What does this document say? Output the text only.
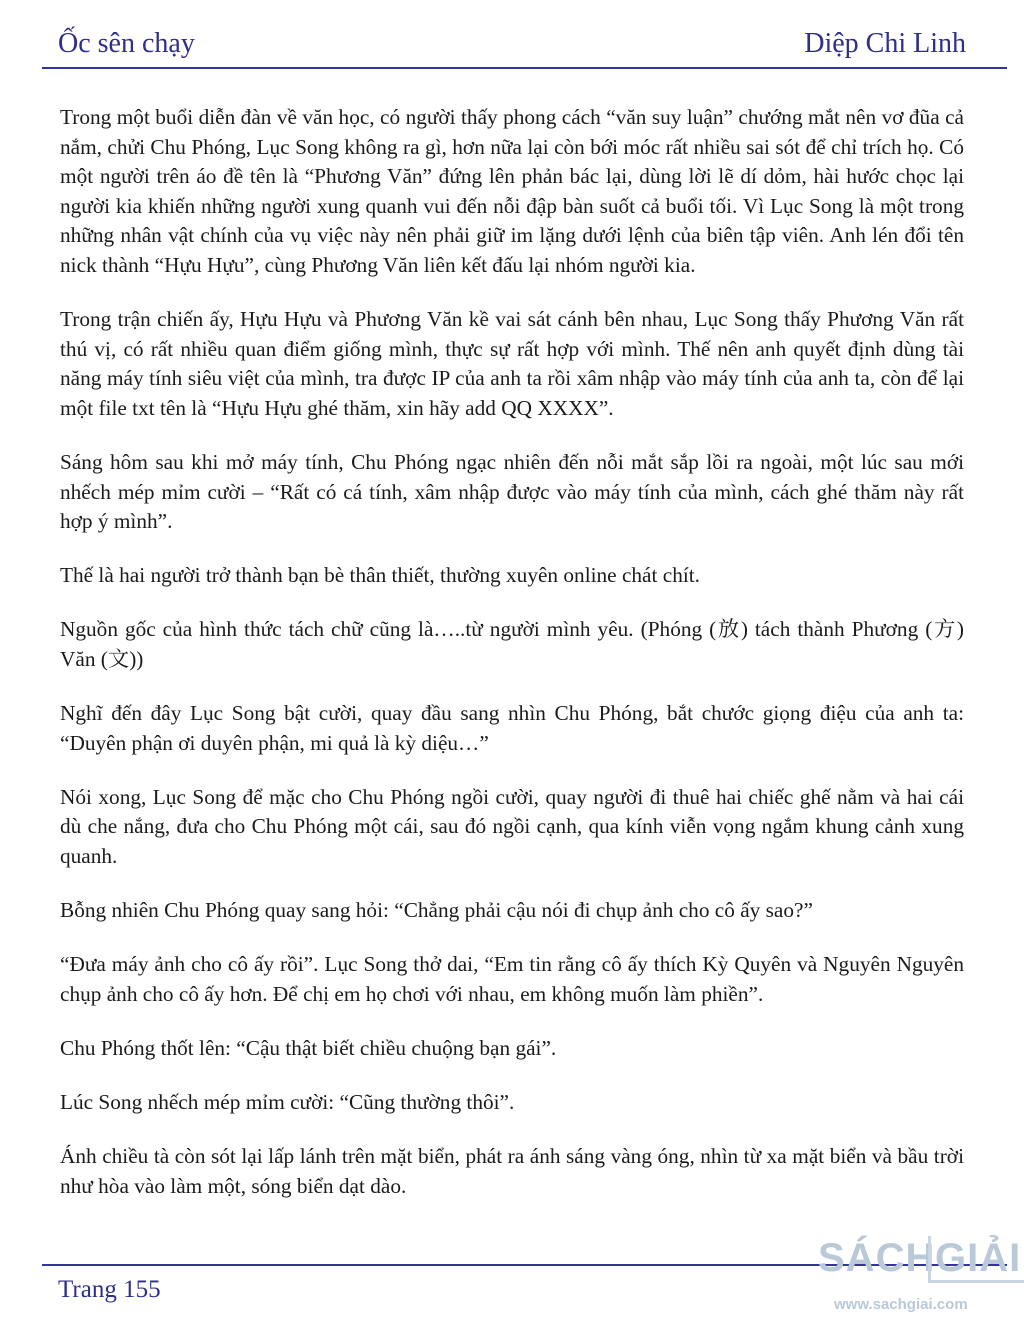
Ốc sên chạy	Diệp Chi Linh

Trong một buổi diễn đàn về văn học, có người thấy phong cách “văn suy luận” chướng mắt nên vơ đũa cả nắm, chửi Chu Phóng, Lục Song không ra gì, hơn nữa lại còn bới móc rất nhiều sai sót để chỉ trích họ. Có một người trên áo đề tên là “Phương Văn” đứng lên phản bác lại, dùng lời lẽ dí dỏm, hài hước chọc lại người kia khiến những người xung quanh vui đến nỗi đập bàn suốt cả buổi tối. Vì Lục Song là một trong những nhân vật chính của vụ việc này nên phải giữ im lặng dưới lệnh của biên tập viên. Anh lén đổi tên nick thành “Hựu Hựu”, cùng Phương Văn liên kết đấu lại nhóm người kia.

Trong trận chiến ấy, Hựu Hựu và Phương Văn kề vai sát cánh bên nhau, Lục Song thấy Phương Văn rất thú vị, có rất nhiều quan điểm giống mình, thực sự rất hợp với mình. Thế nên anh quyết định dùng tài năng máy tính siêu việt của mình, tra được IP của anh ta rồi xâm nhập vào máy tính của anh ta, còn để lại một file txt tên là “Hựu Hựu ghé thăm, xin hãy add QQ XXXX”.

Sáng hôm sau khi mở máy tính, Chu Phóng ngạc nhiên đến nỗi mắt sắp lồi ra ngoài, một lúc sau mới nhếch mép mỉm cười – “Rất có cá tính, xâm nhập được vào máy tính của mình, cách ghé thăm này rất hợp ý mình”.

Thế là hai người trở thành bạn bè thân thiết, thường xuyên online chát chít.

Nguồn gốc của hình thức tách chữ cũng là…..từ người mình yêu. (Phóng (放) tách thành Phương (方) Văn (文))

Nghĩ đến đây Lục Song bật cười, quay đầu sang nhìn Chu Phóng, bắt chước giọng điệu của anh ta: “Duyên phận ơi duyên phận, mi quả là kỳ diệu…”

Nói xong, Lục Song để mặc cho Chu Phóng ngồi cười, quay người đi thuê hai chiếc ghế nằm và hai cái dù che nắng, đưa cho Chu Phóng một cái, sau đó ngồi cạnh, qua kính viễn vọng ngắm khung cảnh xung quanh.

Bỗng nhiên Chu Phóng quay sang hỏi: “Chẳng phải cậu nói đi chụp ảnh cho cô ấy sao?”

“Đưa máy ảnh cho cô ấy rồi”. Lục Song thở dai, “Em tin rằng cô ấy thích Kỳ Quyên và Nguyên Nguyên chụp ảnh cho cô ấy hơn. Để chị em họ chơi với nhau, em không muốn làm phiền”.

Chu Phóng thốt lên: “Cậu thật biết chiều chuộng bạn gái”.

Lúc Song nhếch mép mỉm cười: “Cũng thường thôi”.

Ánh chiều tà còn sót lại lấp lánh trên mặt biển, phát ra ánh sáng vàng óng, nhìn từ xa mặt biển và bầu trời như hòa vào làm một, sóng biển dạt dào.

Trang 155
SÁCH GIẢI
www.sachgiai.com
